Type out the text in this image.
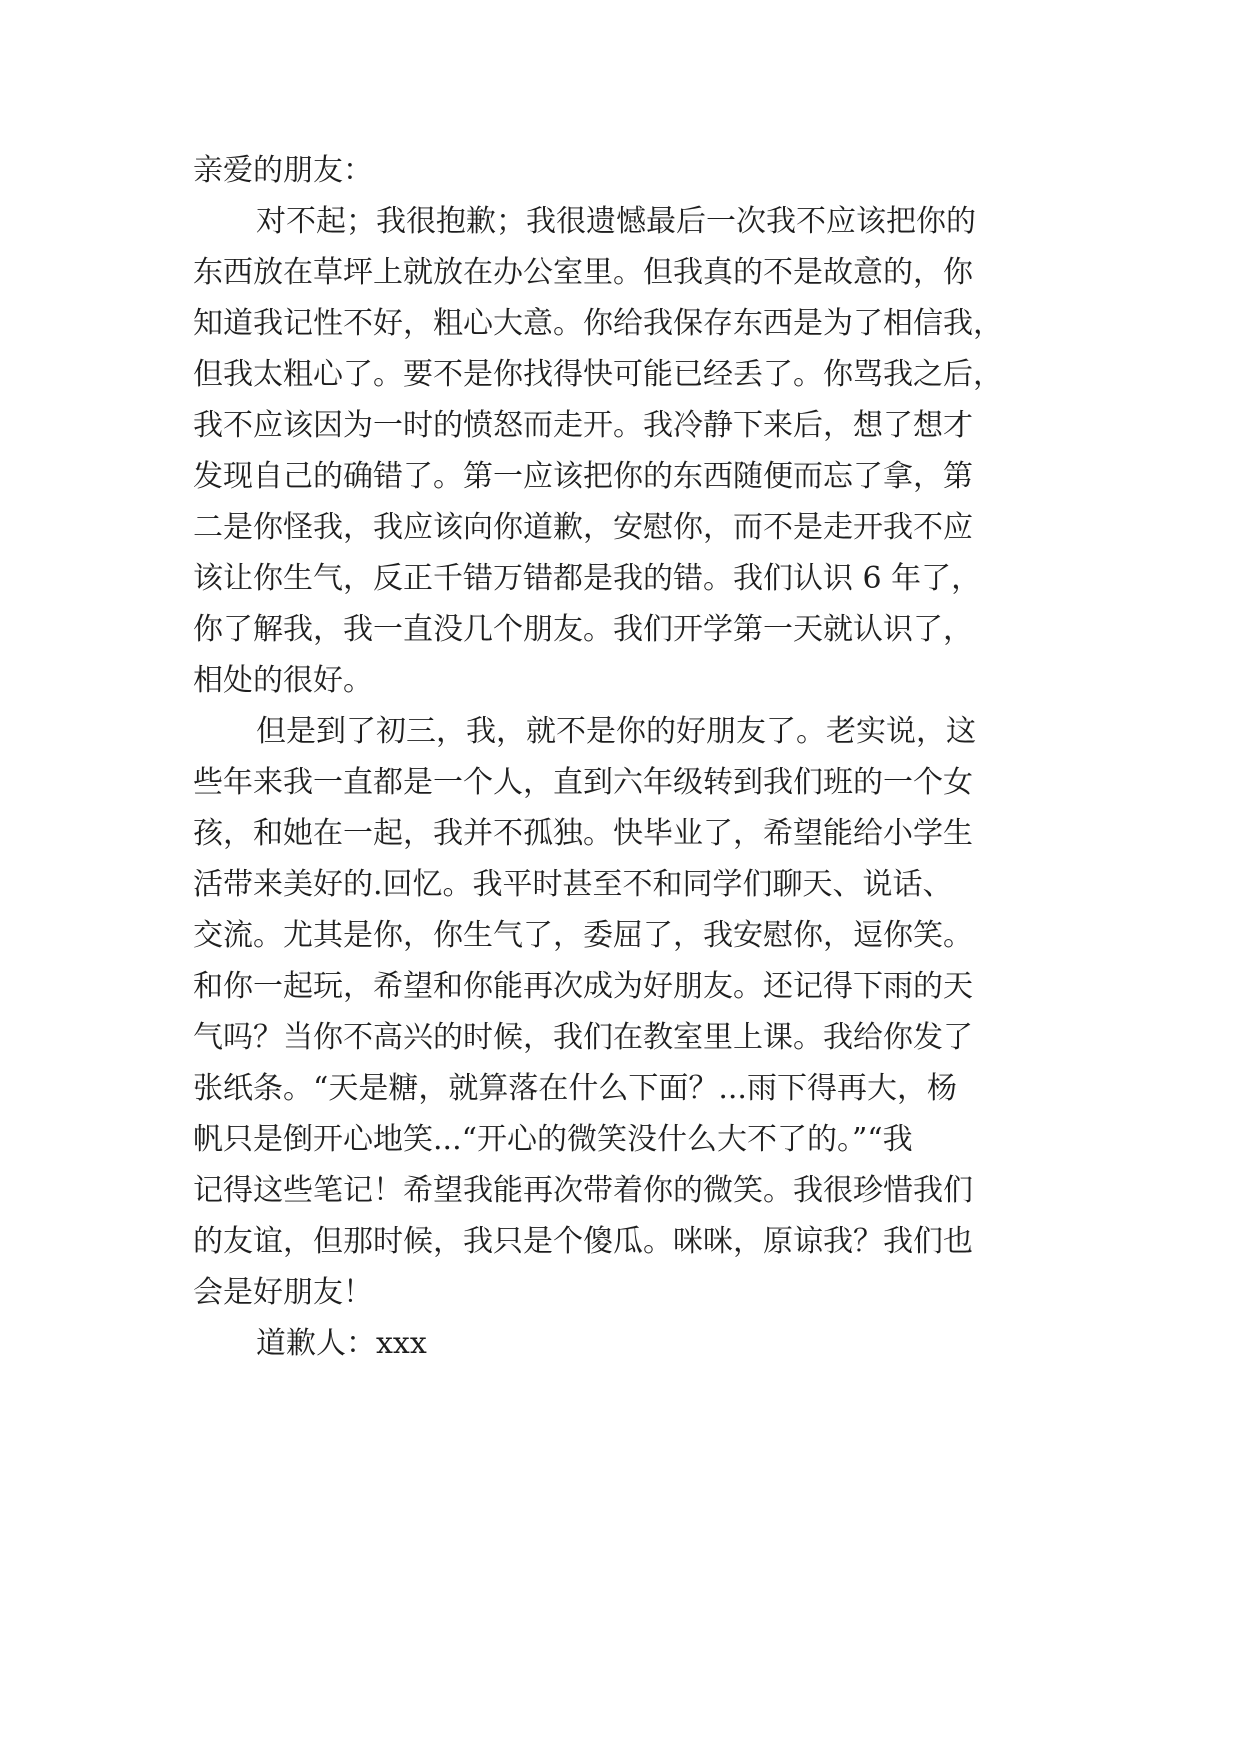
亲爱的朋友：

对不起；我很抱歉；我很遗憾最后一次我不应该把你的

东西放在草坪上就放在办公室里。但我真的不是故意的，你

知道我记性不好，粗心大意。你给我保存东西是为了相信我，

但我太粗心了。要不是你找得快可能已经丢了。你骂我之后，

我不应该因为一时的愤怒而走开。我冷静下来后，想了想才

发现自己的确错了。第一应该把你的东西随便而忘了拿，第

二是你怪我，我应该向你道歉，安慰你，而不是走开我不应

该让你生气，反正千错万错都是我的错。我们认识 6 年了，

你了解我，我一直没几个朋友。我们开学第一天就认识了，

相处的很好。

但是到了初三，我，就不是你的好朋友了。老实说，这

些年来我一直都是一个人，直到六年级转到我们班的一个女

孩，和她在一起，我并不孤独。快毕业了，希望能给小学生

活带来美好的.回忆。我平时甚至不和同学们聊天、说话、

交流。尤其是你，你生气了，委屈了，我安慰你，逗你笑。

和你一起玩，希望和你能再次成为好朋友。还记得下雨的天

气吗？当你不高兴的时候，我们在教室里上课。我给你发了

张纸条。“天是糖，就算落在什么下面？...雨下得再大，杨

帆只是倒开心地笑...“开心的微笑没什么大不了的。”“我

记得这些笔记！希望我能再次带着你的微笑。我很珍惜我们

的友谊，但那时候，我只是个傻瓜。咪咪，原谅我？我们也

会是好朋友！

道歉人：xxx
